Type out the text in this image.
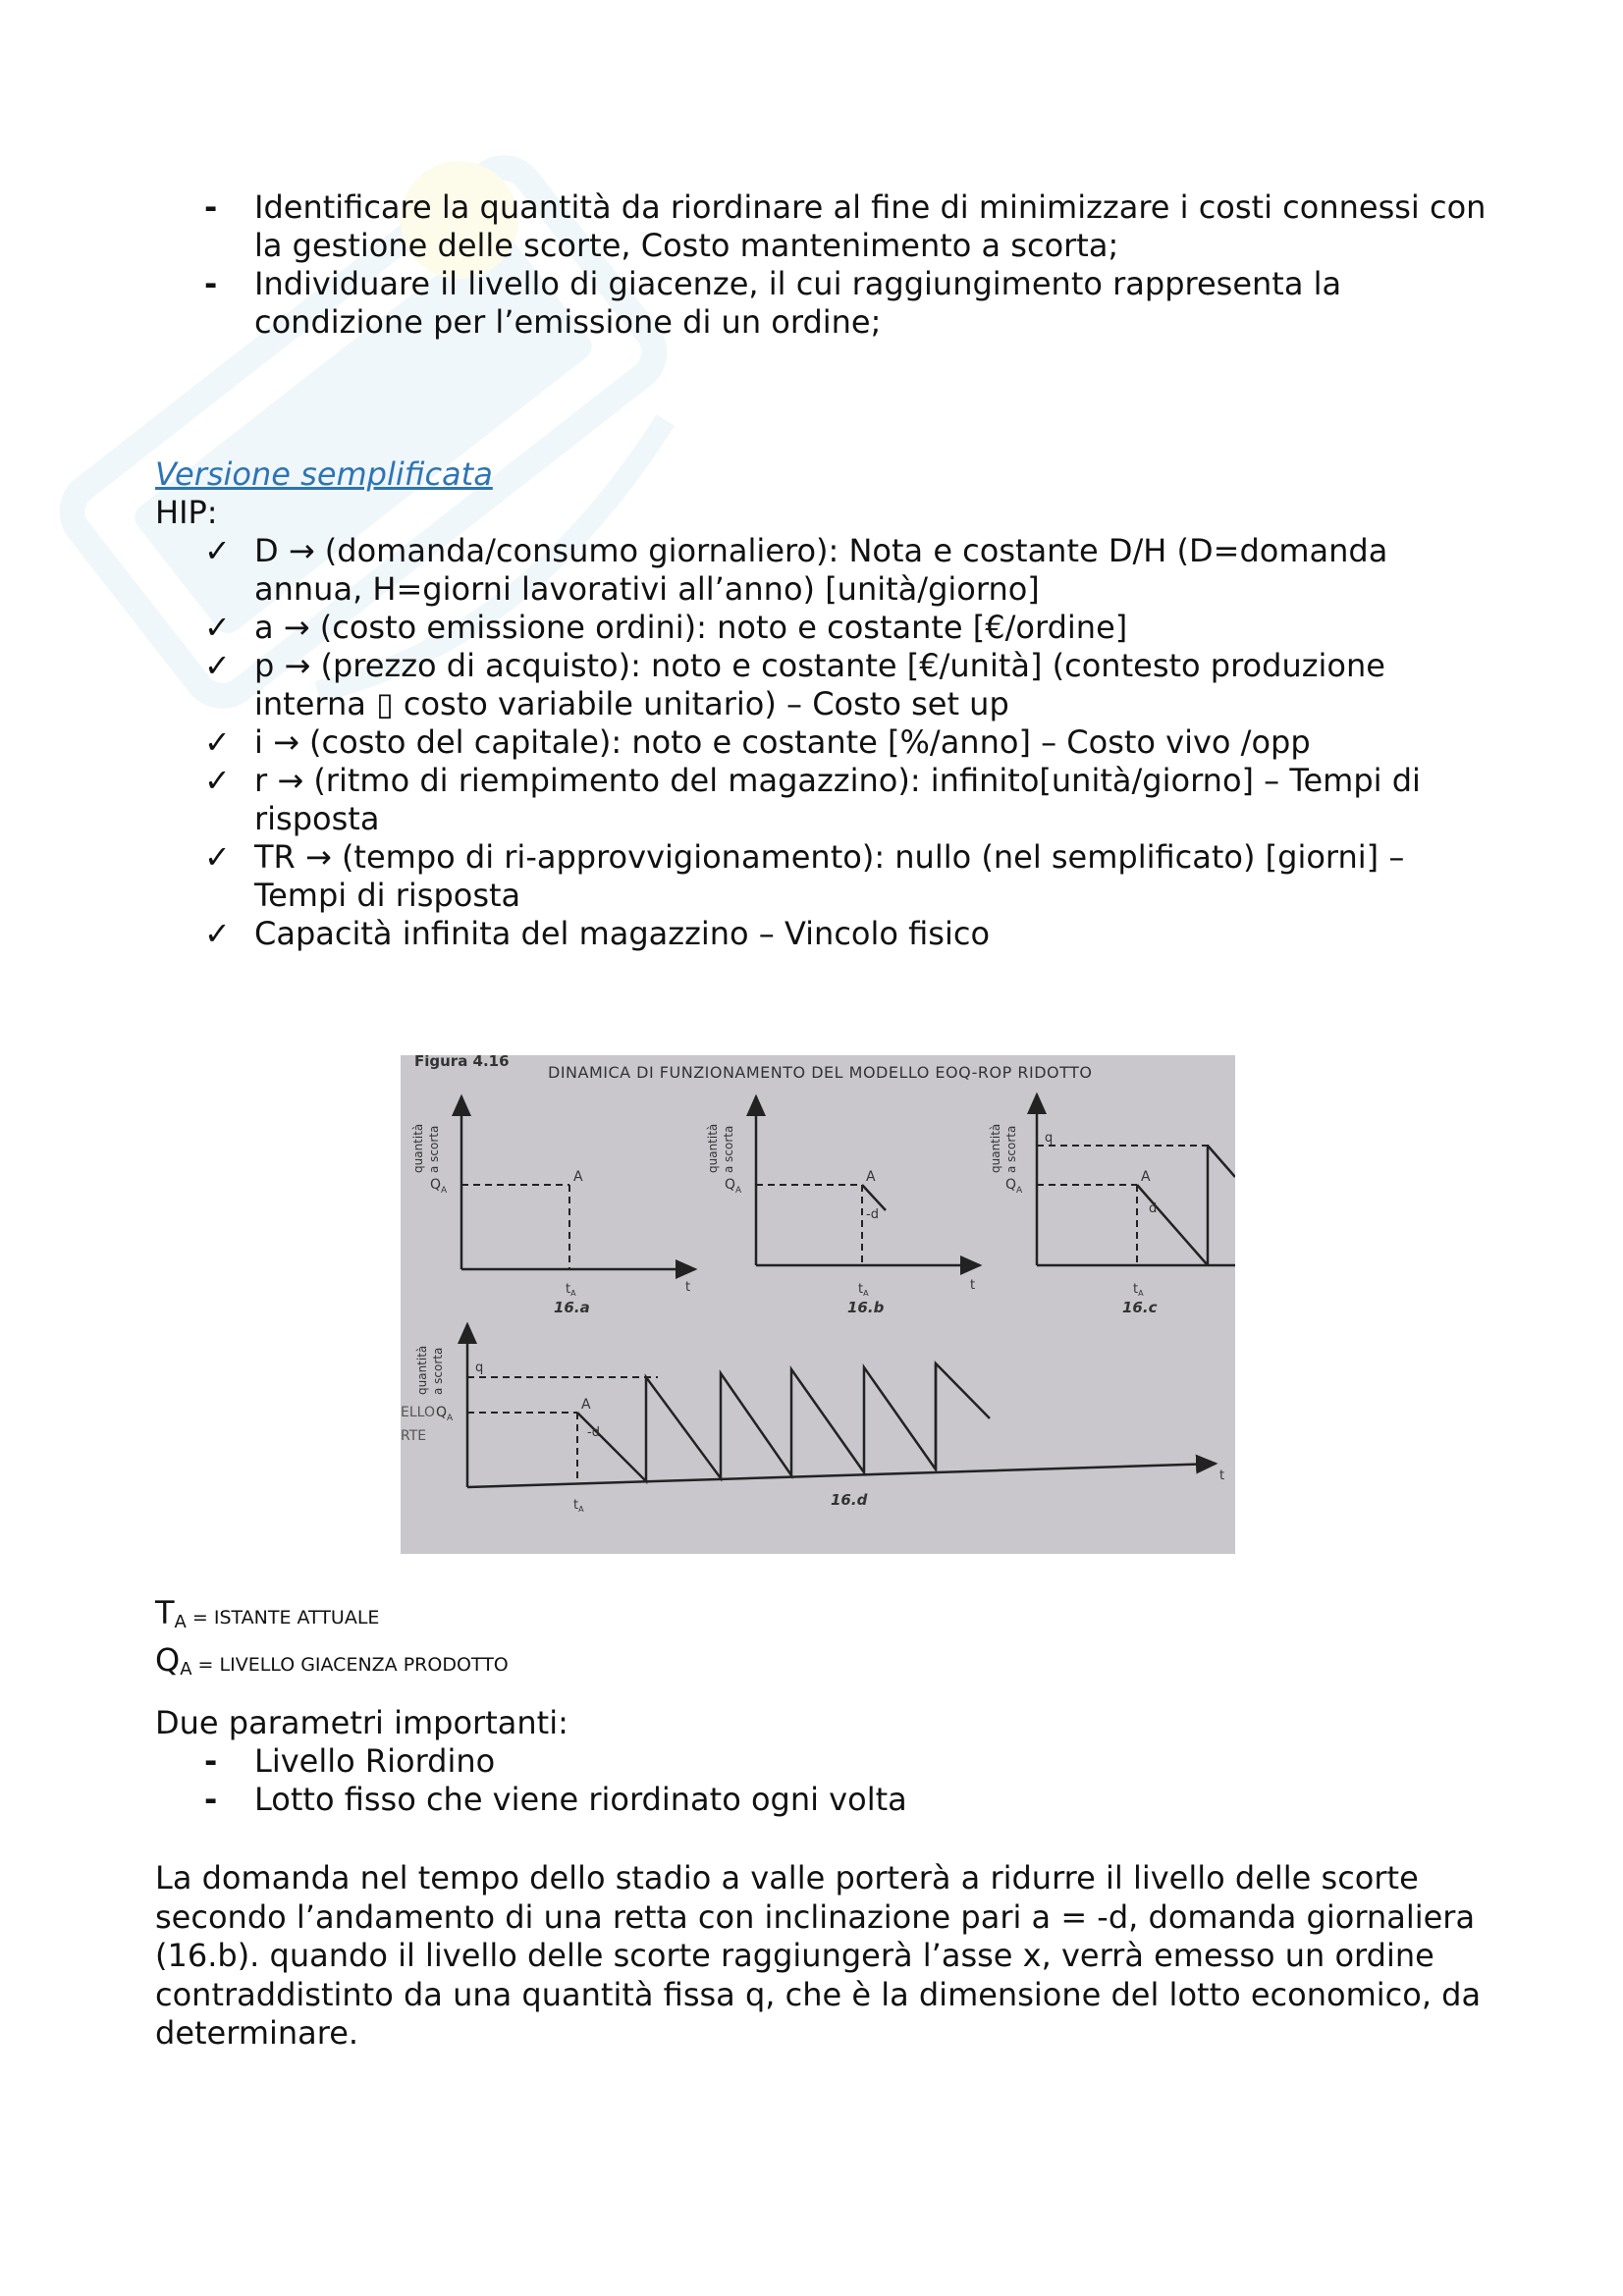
- Identificare la quantità da riordinare al fine di minimizzare i costi connessi con la gestione delle scorte, Costo mantenimento a scorta;
- Individuare il livello di giacenze, il cui raggiungimento rappresenta la condizione per l’emissione di un ordine;
Versione semplificata
HIP:
✓ D → (domanda/consumo giornaliero): Nota e costante D/H (D=domanda annua, H=giorni lavorativi all’anno) [unità/giorno]
✓ a → (costo emissione ordini): noto e costante [€/ordine]
✓ p → (prezzo di acquisto): noto e costante [€/unità] (contesto produzione interna ▯ costo variabile unitario) – Costo set up
✓ i → (costo del capitale): noto e costante [%/anno] – Costo vivo /opp
✓ r → (ritmo di riempimento del magazzino): infinito[unità/giorno] – Tempi di risposta
✓ TR → (tempo di ri-approvvigionamento): nullo (nel semplificato) [giorni] – Tempi di risposta
✓ Capacità infinita del magazzino – Vincolo fisico
Figura 4.16
DINAMICA DI FUNZIONAMENTO DEL MODELLO EOQ-ROP RIDOTTO
quantità a scorta
$Q_A$
A
$t_A$	t
16.a
quantità a scorta
$Q_A$
A
-d
$t_A$
t
16.b
quantità a scorta q
$Q_A$
A
d
$t_A$
16.c
quantità a scorta q
$Q_A$
ELLO
RTE
A
-d
$t_A$
t
16.d
$T_A$ = ISTANTE ATTUALE
$Q_A$ = LIVELLO GIACENZA PRODOTTO
Due parametri importanti:
- Livello Riordino
- Lotto fisso che viene riordinato ogni volta
La domanda nel tempo dello stadio a valle porterà a ridurre il livello delle scorte secondo l’andamento di una retta con inclinazione pari a = -d, domanda giornaliera (16.b). quando il livello delle scorte raggiungerà l’asse x, verrà emesso un ordine contraddistinto da una quantità fissa q, che è la dimensione del lotto economico, da determinare.
